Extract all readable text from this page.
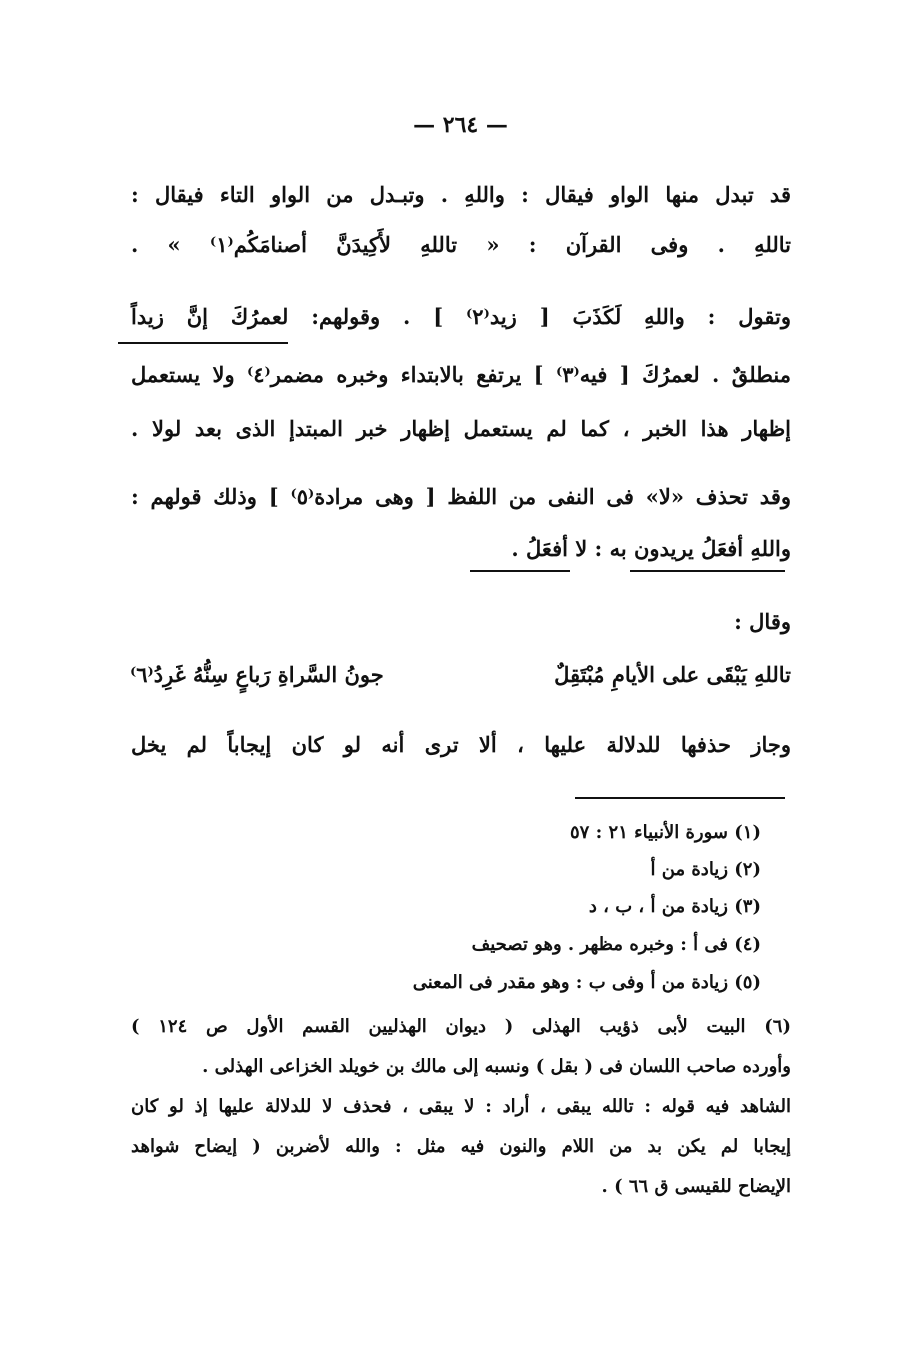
— ٢٦٤ —
قد تبدل منها الواو فيقال : واللهِ . وتبـدل من الواو التاء فيقال :
تاللهِ . وفى القرآن : « تاللهِ لأَكِيدَنَّ أصنامَكُم⁽١⁾ » .
وتقول : واللهِ لَكَذَبَ [ زيد⁽٢⁾ ] . وقولهم: لعمرُكَ إنَّ زيداً
منطلقٌ . لعمرُكَ [ فيه⁽٣⁾ ] يرتفع بالابتداء وخبره مضمر⁽٤⁾ ولا يستعمل
إظهار هذا الخبر ، كما لم يستعمل إظهار خبر المبتدإ الذى بعد لولا .
وقد تحذف «لا» فى النفى من اللفظ [ وهى مرادة⁽٥⁾ ] وذلك قولهم :
واللهِ أفعَلُ يريدون به : لا أفعَلُ .
وقال :
تاللهِ يَبْقَى على الأيامِ مُبْتَقِلٌ
جونُ السَّراةِ رَباعٍ سِنُّهُ غَرِدُ⁽٦⁾
وجاز حذفها للدلالة عليها ، ألا ترى أنه لو كان إيجاباً لم يخل
(١) سورة الأنبياء ٢١ : ٥٧
(٢) زيادة من أ
(٣) زيادة من أ ، ب ، د
(٤) فى أ : وخبره مظهر . وهو تصحيف
(٥) زيادة من أ وفى ب : وهو مقدر فى المعنى
(٦) البيت لأبى ذؤيب الهذلى ( ديوان الهذليين القسم الأول ص ١٢٤ )
وأورده صاحب اللسان فى ( بقل ) ونسبه إلى مالك بن خويلد الخزاعى الهذلى .
الشاهد فيه قوله : تالله يبقى ، أراد : لا يبقى ، فحذف لا للدلالة عليها إذ لو كان
إيجابا لم يكن بد من اللام والنون فيه مثل : والله لأضربن ( إيضاح شواهد
الإيضاح للقيسى ق ٦٦ ) .
